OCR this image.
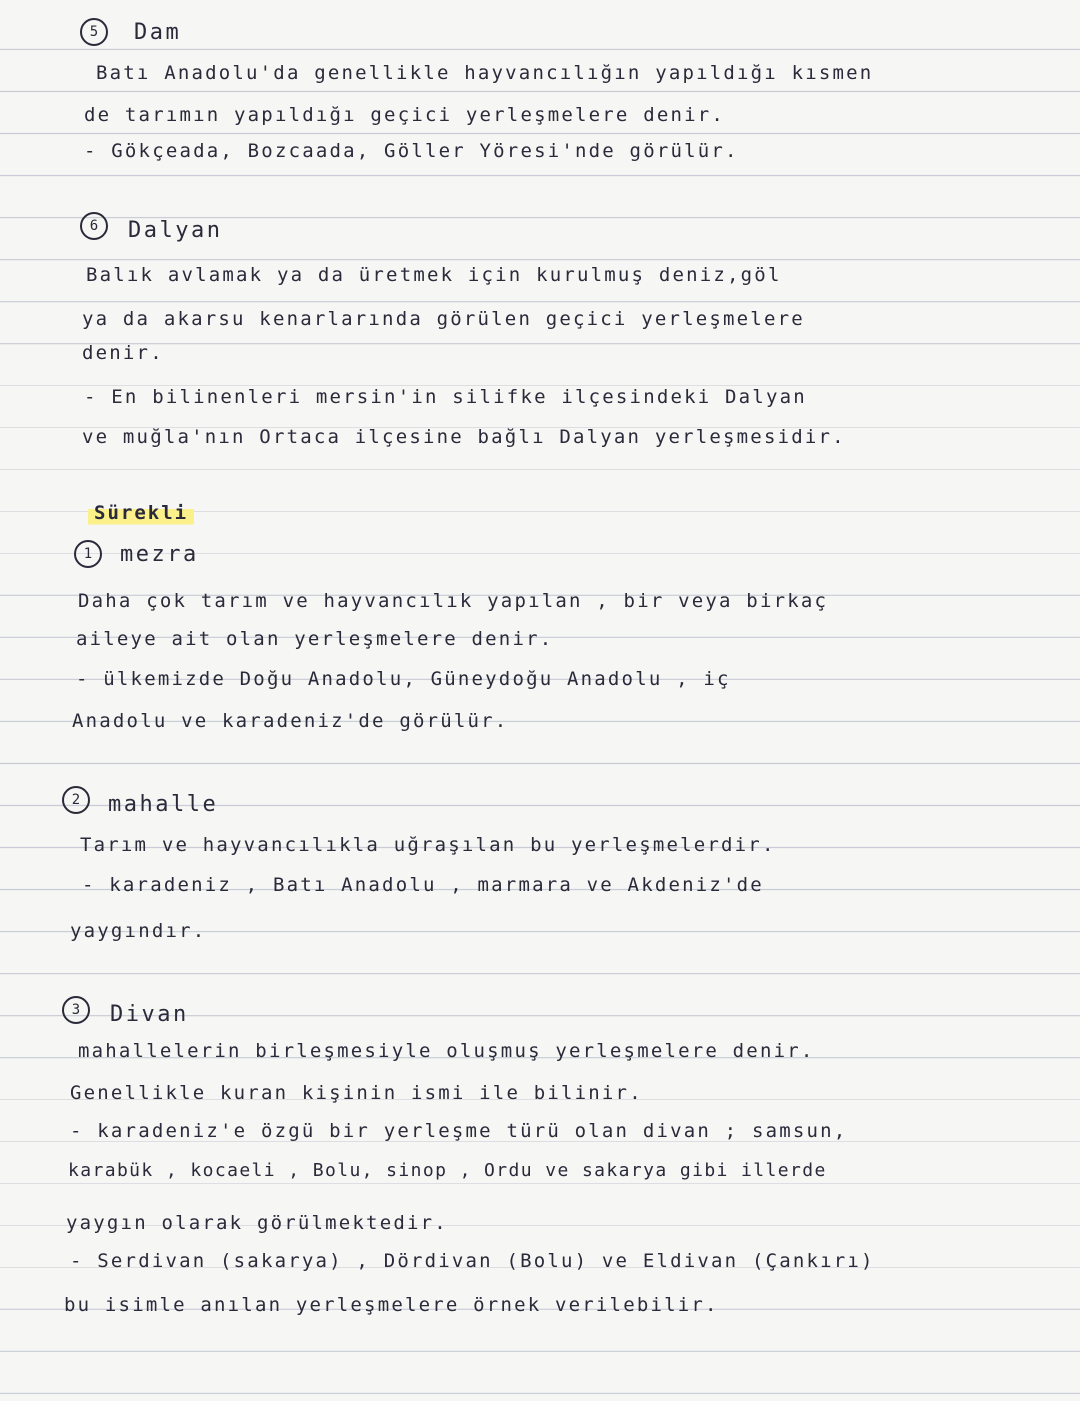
5	Dam
Batı Anadolu'da genellikle hayvancılığın yapıldığı kısmen
de tarımın yapıldığı geçici yerleşmelere denir.
- Gökçeada, Bozcaada, Göller Yöresi'nde görülür.
6	Dalyan
Balık avlamak ya da üretmek için kurulmuş deniz,göl
ya da akarsu kenarlarında görülen geçici yerleşmelere
denir.
- En bilinenleri mersin'in silifke ilçesindeki Dalyan
ve muğla'nın Ortaca ilçesine bağlı Dalyan yerleşmesidir.
Sürekli
1	mezra
Daha çok tarım ve hayvancılık yapılan , bir veya birkaç
aileye ait olan yerleşmelere denir.
- ülkemizde Doğu Anadolu, Güneydoğu Anadolu , iç
Anadolu ve karadeniz'de görülür.
2	mahalle
Tarım ve hayvancılıkla uğraşılan bu yerleşmelerdir.
- karadeniz , Batı Anadolu , marmara ve Akdeniz'de
yaygındır.
3	Divan
mahallelerin birleşmesiyle oluşmuş yerleşmelere denir.
Genellikle kuran kişinin ismi ile bilinir.
- karadeniz'e özgü bir yerleşme türü olan divan ; samsun,
karabük , kocaeli , Bolu, sinop , Ordu ve sakarya gibi illerde
yaygın olarak görülmektedir.
- Serdivan (sakarya) , Dördivan (Bolu) ve Eldivan (Çankırı)
bu isimle anılan yerleşmelere örnek verilebilir.
